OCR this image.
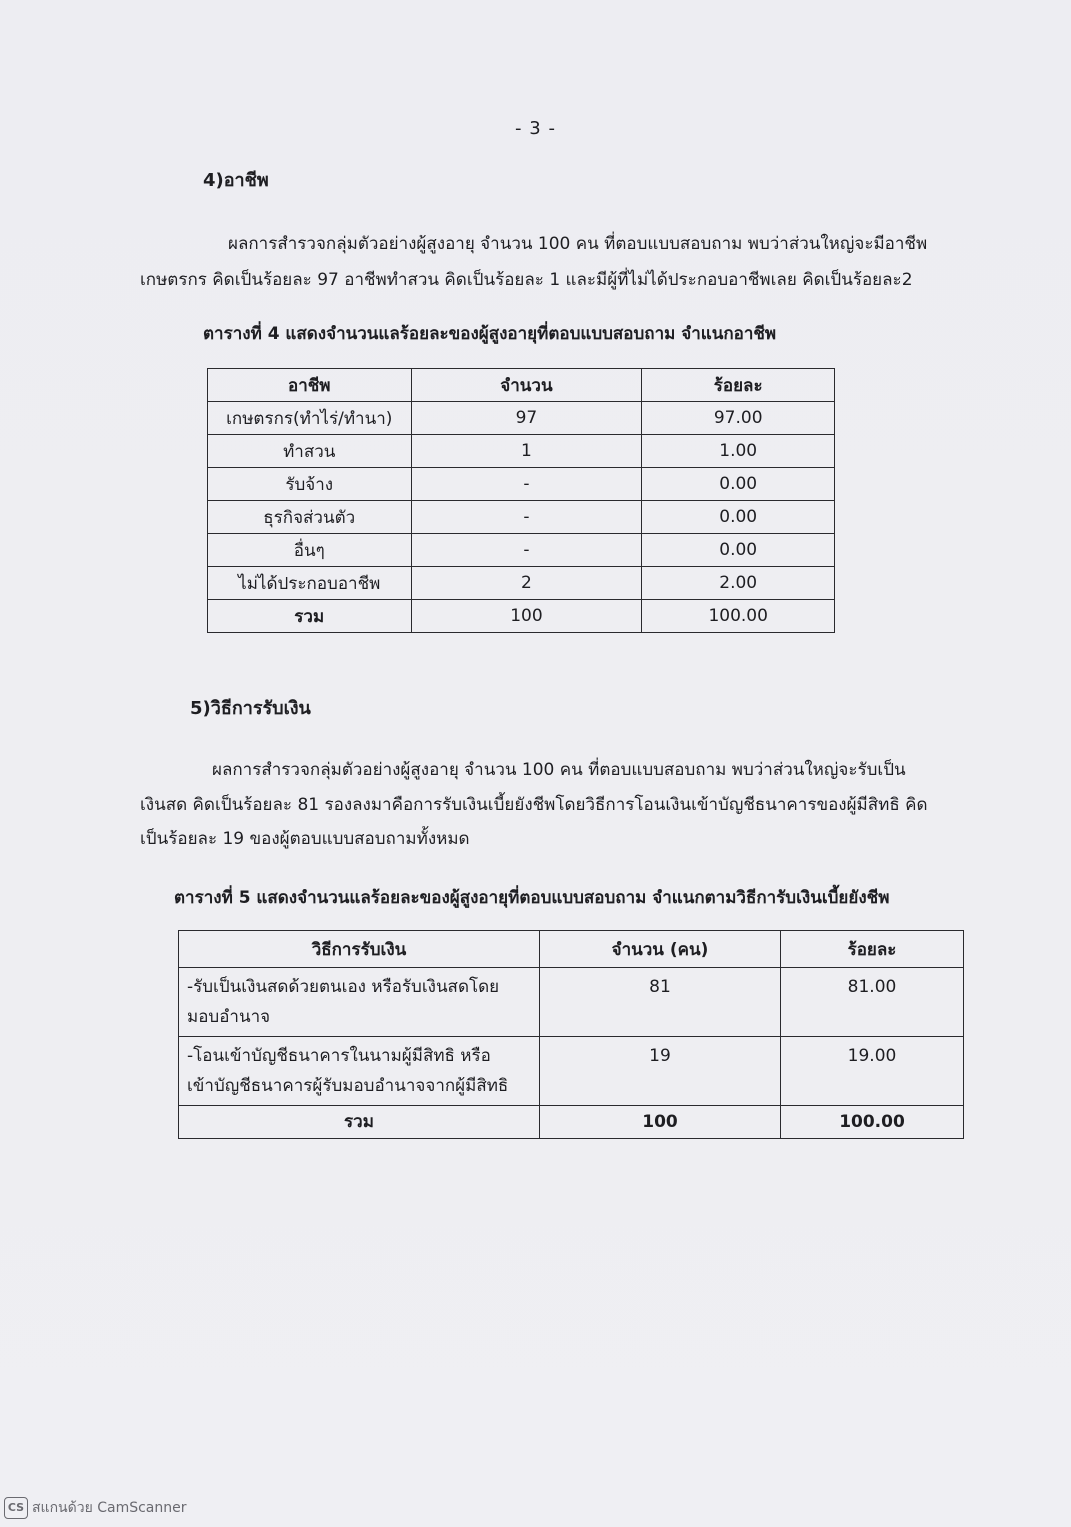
- 3 -
4)อาชีพ
ผลการสำรวจกลุ่มตัวอย่างผู้สูงอายุ จำนวน 100 คน ที่ตอบแบบสอบถาม พบว่าส่วนใหญ่จะมีอาชีพ
เกษตรกร คิดเป็นร้อยละ 97 อาชีพทำสวน คิดเป็นร้อยละ 1 และมีผู้ที่ไม่ได้ประกอบอาชีพเลย คิดเป็นร้อยละ2
ตารางที่ 4 แสดงจำนวนแลร้อยละของผู้สูงอายุที่ตอบแบบสอบถาม จำแนกอาชีพ
อาชีพ	จำนวน	ร้อยละ
เกษตรกร(ทำไร่/ทำนา)	97	97.00
ทำสวน	1	1.00
รับจ้าง	-	0.00
ธุรกิจส่วนตัว	-	0.00
อื่นๆ	-	0.00
ไม่ได้ประกอบอาชีพ	2	2.00
รวม	100	100.00
5)วิธีการรับเงิน
ผลการสำรวจกลุ่มตัวอย่างผู้สูงอายุ จำนวน 100 คน ที่ตอบแบบสอบถาม พบว่าส่วนใหญ่จะรับเป็น
เงินสด คิดเป็นร้อยละ 81 รองลงมาคือการรับเงินเบี้ยยังชีพโดยวิธีการโอนเงินเข้าบัญชีธนาคารของผู้มีสิทธิ คิด
เป็นร้อยละ 19 ของผู้ตอบแบบสอบถามทั้งหมด
ตารางที่ 5 แสดงจำนวนแลร้อยละของผู้สูงอายุที่ตอบแบบสอบถาม จำแนกตามวิธีการับเงินเบี้ยยังชีพ
วิธีการรับเงิน	จำนวน (คน)	ร้อยละ

-รับเป็นเงินสดด้วยตนเอง หรือรับเงินสดโดย
มอบอำนาจ	81	81.00

-โอนเข้าบัญชีธนาคารในนามผู้มีสิทธิ หรือ
เข้าบัญชีธนาคารผู้รับมอบอำนาจจากผู้มีสิทธิ	19	19.00
รวม	100	100.00
CS สแกนด้วย CamScanner
